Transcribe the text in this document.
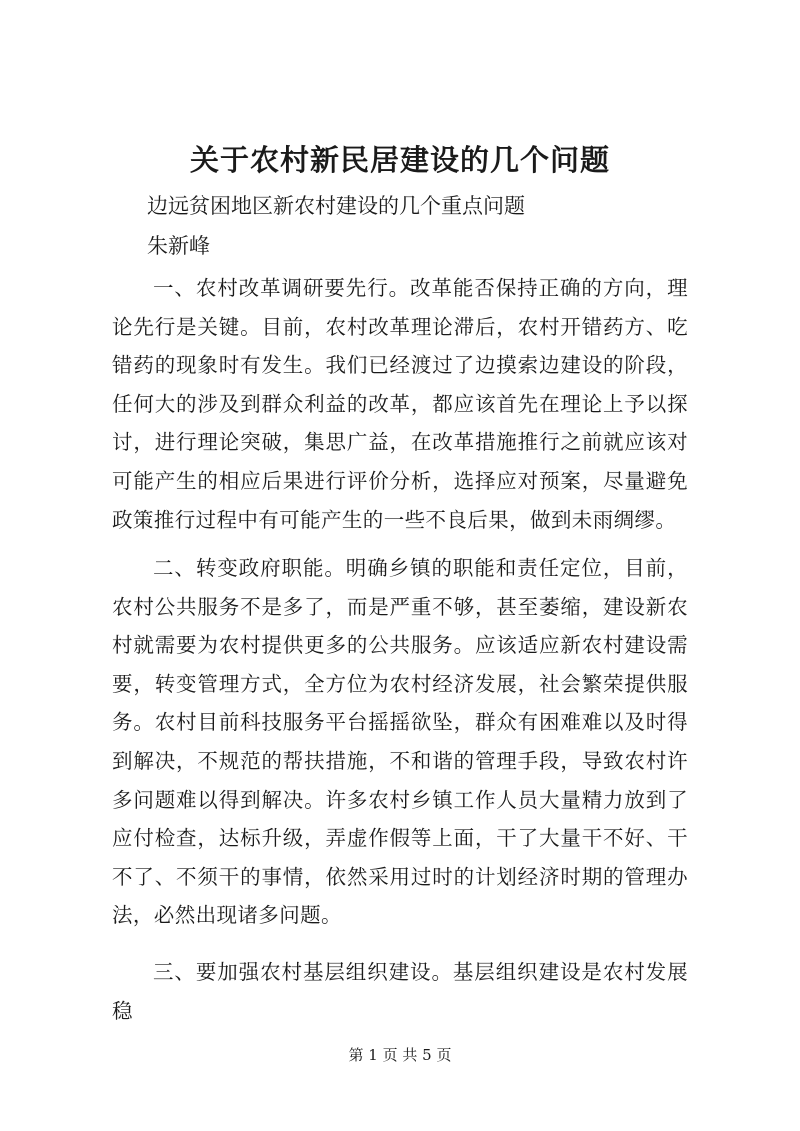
关于农村新民居建设的几个问题

边远贫困地区新农村建设的几个重点问题

朱新峰

一、农村改革调研要先行。改革能否保持正确的方向，理论先行是关键。目前，农村改革理论滞后，农村开错药方、吃错药的现象时有发生。我们已经渡过了边摸索边建设的阶段，任何大的涉及到群众利益的改革，都应该首先在理论上予以探讨，进行理论突破，集思广益，在改革措施推行之前就应该对可能产生的相应后果进行评价分析，选择应对预案，尽量避免政策推行过程中有可能产生的一些不良后果，做到未雨绸缪。

二、转变政府职能。明确乡镇的职能和责任定位，目前，农村公共服务不是多了，而是严重不够，甚至萎缩，建设新农村就需要为农村提供更多的公共服务。应该适应新农村建设需要，转变管理方式，全方位为农村经济发展，社会繁荣提供服务。农村目前科技服务平台摇摇欲坠，群众有困难难以及时得到解决，不规范的帮扶措施，不和谐的管理手段，导致农村许多问题难以得到解决。许多农村乡镇工作人员大量精力放到了应付检查，达标升级，弄虚作假等上面，干了大量干不好、干不了、不须干的事情，依然采用过时的计划经济时期的管理办法，必然出现诸多问题。

三、要加强农村基层组织建设。基层组织建设是农村发展稳

第 1 页 共 5 页
